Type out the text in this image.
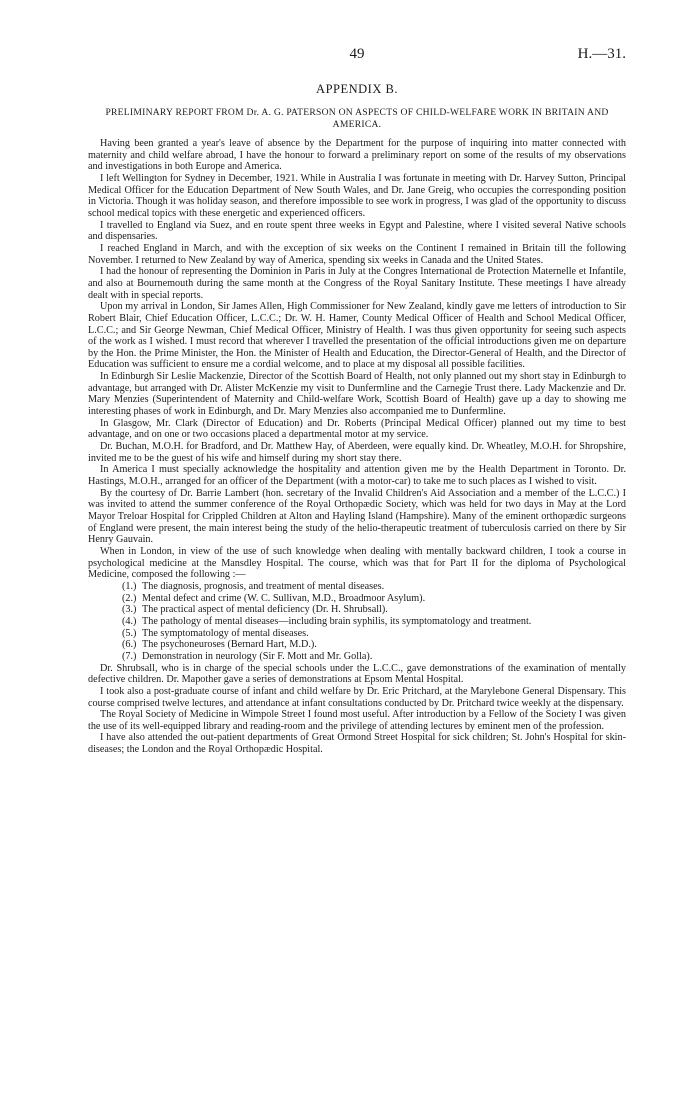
49	H.—31.
APPENDIX B.
PRELIMINARY REPORT FROM Dr. A. G. PATERSON ON ASPECTS OF CHILD-WELFARE WORK IN BRITAIN AND AMERICA.

Having been granted a year's leave of absence by the Department for the purpose of inquiring into matter connected with maternity and child welfare abroad, I have the honour to forward a preliminary report on some of the results of my observations and investigations in both Europe and America.

I left Wellington for Sydney in December, 1921. While in Australia I was fortunate in meeting with Dr. Harvey Sutton, Principal Medical Officer for the Education Department of New South Wales, and Dr. Jane Greig, who occupies the corresponding position in Victoria. Though it was holiday season, and therefore impossible to see work in progress, I was glad of the opportunity to discuss school medical topics with these energetic and experienced officers.

I travelled to England via Suez, and en route spent three weeks in Egypt and Palestine, where I visited several Native schools and dispensaries.

I reached England in March, and with the exception of six weeks on the Continent I remained in Britain till the following November. I returned to New Zealand by way of America, spending six weeks in Canada and the United States.

I had the honour of representing the Dominion in Paris in July at the Congres International de Protection Maternelle et Infantile, and also at Bournemouth during the same month at the Congress of the Royal Sanitary Institute. These meetings I have already dealt with in special reports.

Upon my arrival in London, Sir James Allen, High Commissioner for New Zealand, kindly gave me letters of introduction to Sir Robert Blair, Chief Education Officer, L.C.C.; Dr. W. H. Hamer, County Medical Officer of Health and School Medical Officer, L.C.C.; and Sir George Newman, Chief Medical Officer, Ministry of Health. I was thus given opportunity for seeing such aspects of the work as I wished. I must record that wherever I travelled the presentation of the official introductions given me on departure by the Hon. the Prime Minister, the Hon. the Minister of Health and Education, the Director-General of Health, and the Director of Education was sufficient to ensure me a cordial welcome, and to place at my disposal all possible facilities.

In Edinburgh Sir Leslie Mackenzie, Director of the Scottish Board of Health, not only planned out my short stay in Edinburgh to advantage, but arranged with Dr. Alister McKenzie my visit to Dunfermline and the Carnegie Trust there. Lady Mackenzie and Dr. Mary Menzies (Superintendent of Maternity and Child-welfare Work, Scottish Board of Health) gave up a day to showing me interesting phases of work in Edinburgh, and Dr. Mary Menzies also accompanied me to Dunfermline.

In Glasgow, Mr. Clark (Director of Education) and Dr. Roberts (Principal Medical Officer) planned out my time to best advantage, and on one or two occasions placed a departmental motor at my service.

Dr. Buchan, M.O.H. for Bradford, and Dr. Matthew Hay, of Aberdeen, were equally kind. Dr. Wheatley, M.O.H. for Shropshire, invited me to be the guest of his wife and himself during my short stay there.

In America I must specially acknowledge the hospitality and attention given me by the Health Department in Toronto. Dr. Hastings, M.O.H., arranged for an officer of the Department (with a motor-car) to take me to such places as I wished to visit.

By the courtesy of Dr. Barrie Lambert (hon. secretary of the Invalid Children's Aid Association and a member of the L.C.C.) I was invited to attend the summer conference of the Royal Orthopædic Society, which was held for two days in May at the Lord Mayor Treloar Hospital for Crippled Children at Alton and Hayling Island (Hampshire). Many of the eminent orthopædic surgeons of England were present, the main interest being the study of the helio-therapeutic treatment of tuberculosis carried on there by Sir Henry Gauvain.

When in London, in view of the use of such knowledge when dealing with mentally backward children, I took a course in psychological medicine at the Mansdley Hospital. The course, which was that for Part II for the diploma of Psychological Medicine, composed the following :—

(1.) The diagnosis, prognosis, and treatment of mental diseases.
(2.) Mental defect and crime (W. C. Sullivan, M.D., Broadmoor Asylum).
(3.) The practical aspect of mental deficiency (Dr. H. Shrubsall).
(4.) The pathology of mental diseases—including brain syphilis, its symptomatology and treatment.
(5.) The symptomatology of mental diseases.
(6.) The psychoneuroses (Bernard Hart, M.D.).
(7.) Demonstration in neurology (Sir F. Mott and Mr. Golla).

Dr. Shrubsall, who is in charge of the special schools under the L.C.C., gave demonstrations of the examination of mentally defective children. Dr. Mapother gave a series of demonstrations at Epsom Mental Hospital.

I took also a post-graduate course of infant and child welfare by Dr. Eric Pritchard, at the Marylebone General Dispensary. This course comprised twelve lectures, and attendance at infant consultations conducted by Dr. Pritchard twice weekly at the dispensary.

The Royal Society of Medicine in Wimpole Street I found most useful. After introduction by a Fellow of the Society I was given the use of its well-equipped library and reading-room and the privilege of attending lectures by eminent men of the profession.

I have also attended the out-patient departments of Great Ormond Street Hospital for sick children; St. John's Hospital for skin-diseases; the London and the Royal Orthopædic Hospital.
